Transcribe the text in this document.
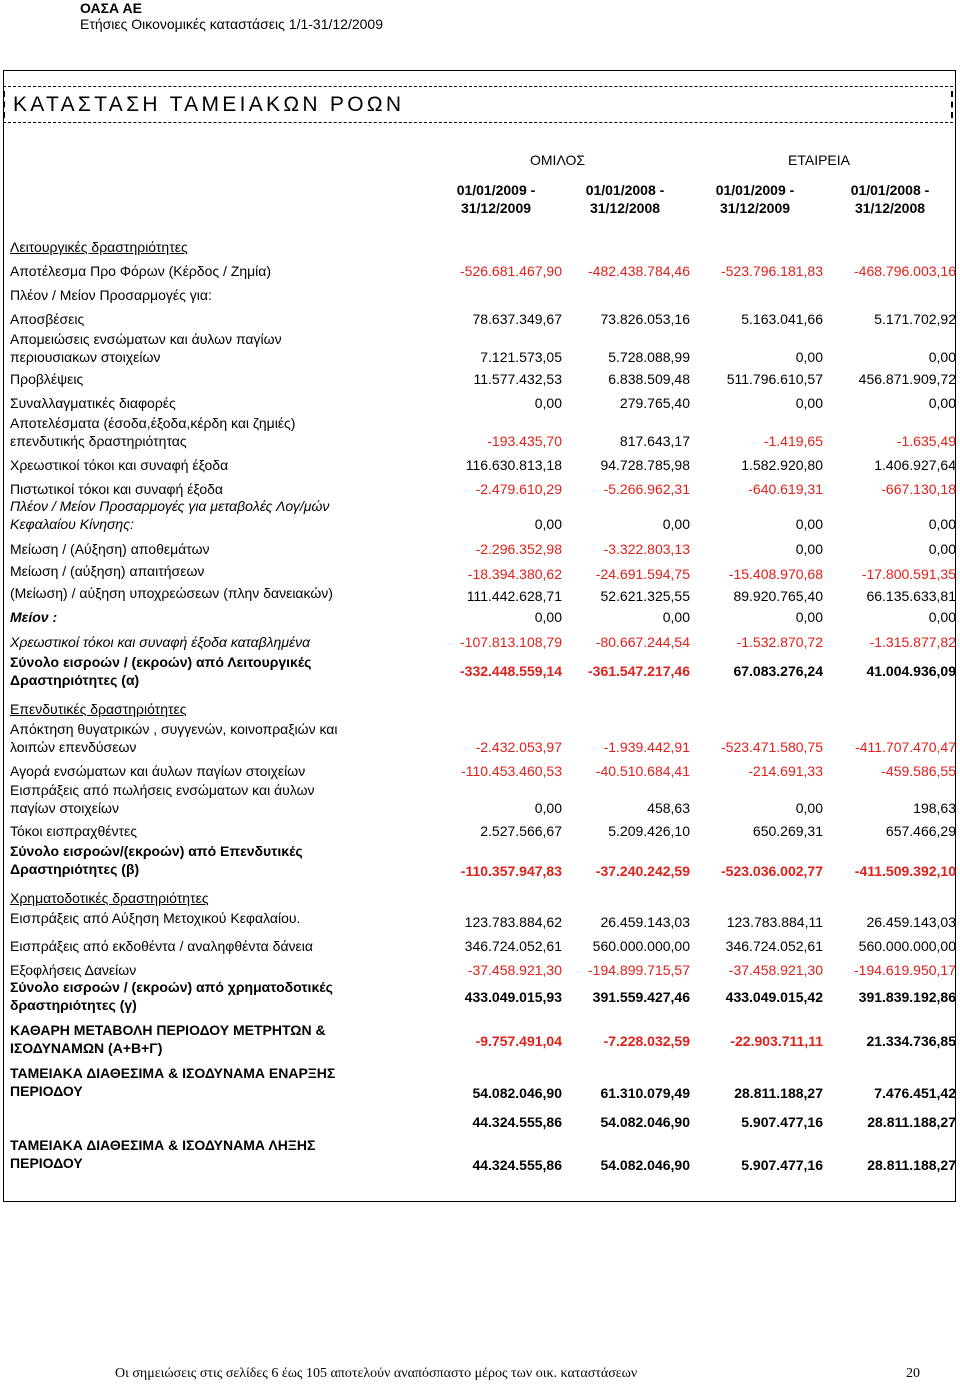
ΟΑΣΑ ΑΕ
Ετήσιες Οικονομικές καταστάσεις 1/1-31/12/2009
ΚΑΤΑΣΤΑΣΗ ΤΑΜΕΙΑΚΩΝ ΡΟΩΝ
ΟΜΙΛΟΣ	ΕΤΑΙΡΕΙΑ
01/01/2009 -
31/12/2009
01/01/2008 -
31/12/2008
01/01/2009 -
31/12/2009
01/01/2008 -
31/12/2008
Λειτουργικές δραστηριότητες
Αποτέλεσμα Προ Φόρων (Κέρδος / Ζημία)	-526.681.467,90	-482.438.784,46	-523.796.181,83	-468.796.003,16
Πλέον / Μείον Προσαρμογές για:
Αποσβέσεις	78.637.349,67	73.826.053,16	5.163.041,66	5.171.702,92
Απομειώσεις ενσώματων και άυλων παγίων
περιουσιακων στοιχείων	7.121.573,05	5.728.088,99	0,00	0,00
Προβλέψεις	11.577.432,53	6.838.509,48	511.796.610,57	456.871.909,72
Συναλλαγματικές διαφορές	0,00	279.765,40	0,00	0,00
Αποτελέσματα (έσοδα,έξοδα,κέρδη και ζημιές)
επενδυτικής δραστηριότητας	-193.435,70	817.643,17	-1.419,65	-1.635,49
Χρεωστικοί τόκοι και συναφή έξοδα	116.630.813,18	94.728.785,98	1.582.920,80	1.406.927,64
Πιστωτικοί τόκοι και συναφή έξοδα	-2.479.610,29	-5.266.962,31	-640.619,31	-667.130,18
Πλέον / Μείον Προσαρμογές για μεταβολές Λογ/μών
Κεφαλαίου Κίνησης:	0,00	0,00	0,00	0,00
Μείωση / (Αύξηση) αποθεμάτων	-2.296.352,98	-3.322.803,13	0,00	0,00
Μείωση / (αύξηση) απαιτήσεων	-18.394.380,62	-24.691.594,75	-15.408.970,68	-17.800.591,35
(Μείωση) / αύξηση υποχρεώσεων (πλην δανειακών)	111.442.628,71	52.621.325,55	89.920.765,40	66.135.633,81
Μείον :	0,00	0,00	0,00	0,00
Χρεωστικοί τόκοι και συναφή έξοδα καταβλημένα	-107.813.108,79	-80.667.244,54	-1.532.870,72	-1.315.877,82
Σύνολο εισροών / (εκροών) από Λειτουργικές
Δραστηριότητες (α)
-332.448.559,14	-361.547.217,46	67.083.276,24	41.004.936,09
Επενδυτικές δραστηριότητες
Απόκτηση θυγατρικών , συγγενών, κοινοπραξιών και
λοιπών επενδύσεων	-2.432.053,97	-1.939.442,91	-523.471.580,75	-411.707.470,47
Αγορά ενσώματων και άυλων παγίων στοιχείων	-110.453.460,53	-40.510.684,41	-214.691,33	-459.586,55
Εισπράξεις από πωλήσεις ενσώματων και άυλων
παγίων στοιχείων	0,00	458,63	0,00	198,63
Τόκοι εισπραχθέντες	2.527.566,67	5.209.426,10	650.269,31	657.466,29
Σύνολο εισροών/(εκροών) από Επενδυτικές
Δραστηριότητες (β)	-110.357.947,83	-37.240.242,59	-523.036.002,77	-411.509.392,10
Χρηματοδοτικές δραστηριότητες
Εισπράξεις από Αύξηση Μετοχικού Κεφαλαίου.	123.783.884,62	26.459.143,03	123.783.884,11	26.459.143,03
Εισπράξεις από εκδοθέντα / αναληφθέντα δάνεια	346.724.052,61	560.000.000,00	346.724.052,61	560.000.000,00
Εξοφλήσεις Δανείων	-37.458.921,30	-194.899.715,57	-37.458.921,30	-194.619.950,17
Σύνολο εισροών / (εκροών) από χρηματοδοτικές
δραστηριότητες (γ)	433.049.015,93	391.559.427,46	433.049.015,42	391.839.192,86
ΚΑΘΑΡΗ ΜΕΤΑΒΟΛΗ ΠΕΡΙΟΔΟΥ ΜΕΤΡΗΤΩΝ &
ΙΣΟΔΥΝΑΜΩΝ (Α+Β+Γ)	-9.757.491,04	-7.228.032,59	-22.903.711,11	21.334.736,85
ΤΑΜΕΙΑΚΑ ΔΙΑΘΕΣΙΜΑ & ΙΣΟΔΥΝΑΜΑ ΕΝΑΡΞΗΣ
ΠΕΡΙΟΔΟΥ	54.082.046,90	61.310.079,49	28.811.188,27	7.476.451,42
44.324.555,86	54.082.046,90	5.907.477,16	28.811.188,27
ΤΑΜΕΙΑΚΑ ΔΙΑΘΕΣΙΜΑ & ΙΣΟΔΥΝΑΜΑ ΛΗΞΗΣ
ΠΕΡΙΟΔΟΥ	44.324.555,86	54.082.046,90	5.907.477,16	28.811.188,27
Οι σημειώσεις στις σελίδες 6 έως 105 αποτελούν αναπόσπαστο μέρος των οικ. καταστάσεων	20
